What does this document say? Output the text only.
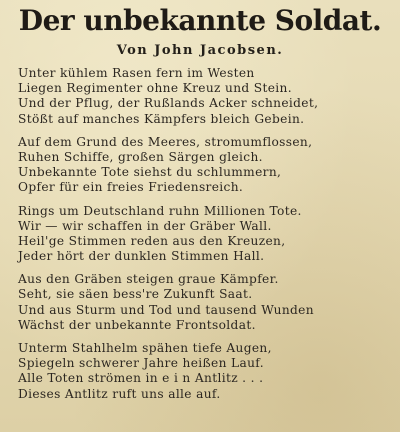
Der unbekannte Soldat.
Von John Jacobsen.
Unter kühlem Rasen fern im Westen
Liegen Regimenter ohne Kreuz und Stein.
Und der Pflug, der Rußlands Acker schneidet,
Stößt auf manches Kämpfers bleich Gebein.
Auf dem Grund des Meeres, stromumflossen,
Ruhen Schiffe, großen Särgen gleich.
Unbekannte Tote siehst du schlummern,
Opfer für ein freies Friedensreich.
Rings um Deutschland ruhn Millionen Tote.
Wir — wir schaffen in der Gräber Wall.
Heil'ge Stimmen reden aus den Kreuzen,
Jeder hört der dunklen Stimmen Hall.
Aus den Gräben steigen graue Kämpfer.
Seht, sie säen bess're Zukunft Saat.
Und aus Sturm und Tod und tausend Wunden
Wächst der unbekannte Frontsoldat.
Unterm Stahlhelm spähen tiefe Augen,
Spiegeln schwerer Jahre heißen Lauf.
Alle Toten strömen in e i n Antlitz . . .
Dieses Antlitz ruft uns alle auf.
